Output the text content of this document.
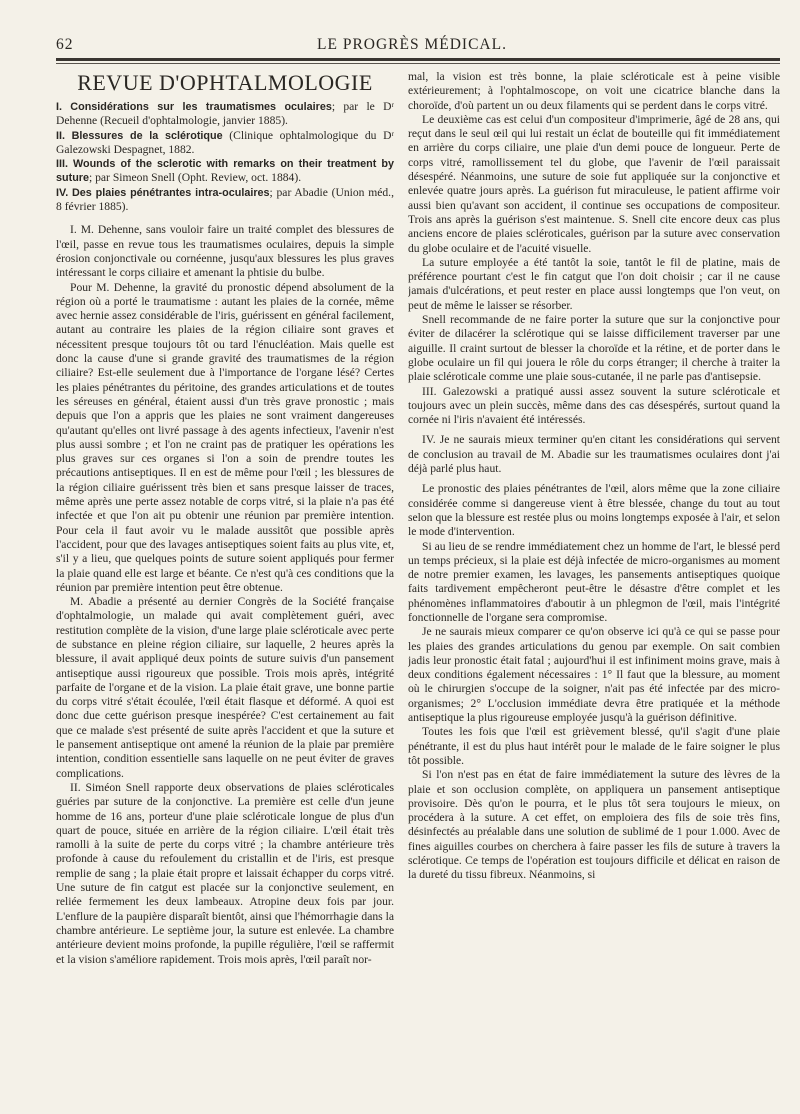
62	LE PROGRÈS MÉDICAL.
REVUE D'OPHTALMOLOGIE

I. Considérations sur les traumatismes oculaires; par le Dʳ Dehenne (Recueil d'ophtalmologie, janvier 1885).

II. Blessures de la sclérotique (Clinique ophtalmologique du Dʳ Galezowski Despagnet, 1882.

III. Wounds of the sclerotic with remarks on their treatment by suture; par Simeon Snell (Opht. Review, oct. 1884).

IV. Des plaies pénétrantes intra-oculaires; par Abadie (Union méd., 8 février 1885).

I. M. Dehenne, sans vouloir faire un traité complet des blessures de l'œil, passe en revue tous les traumatismes oculaires, depuis la simple érosion conjonctivale ou cornéenne, jusqu'aux blessures les plus graves intéressant le corps ciliaire et amenant la phtisie du bulbe.

Pour M. Dehenne, la gravité du pronostic dépend absolument de la région où a porté le traumatisme : autant les plaies de la cornée, même avec hernie assez considérable de l'iris, guérissent en général facilement, autant au contraire les plaies de la région ciliaire sont graves et nécessitent presque toujours tôt ou tard l'énucléation. Mais quelle est donc la cause d'une si grande gravité des traumatismes de la région ciliaire? Est-elle seulement due à l'importance de l'organe lésé? Certes les plaies pénétrantes du péritoine, des grandes articulations et de toutes les séreuses en général, étaient aussi d'un très grave pronostic ; mais depuis que l'on a appris que les plaies ne sont vraiment dangereuses qu'autant qu'elles ont livré passage à des agents infectieux, l'avenir n'est plus aussi sombre ; et l'on ne craint pas de pratiquer les opérations les plus graves sur ces organes si l'on a soin de prendre toutes les précautions antiseptiques. Il en est de même pour l'œil ; les blessures de la région ciliaire guérissent très bien et sans presque laisser de traces, même après une perte assez notable de corps vitré, si la plaie n'a pas été infectée et que l'on ait pu obtenir une réunion par première intention. Pour cela il faut avoir vu le malade aussitôt que possible après l'accident, pour que des lavages antiseptiques soient faits au plus vite, et, s'il y a lieu, que quelques points de suture soient appliqués pour fermer la plaie quand elle est large et béante. Ce n'est qu'à ces conditions que la réunion par première intention peut être obtenue.

M. Abadie a présenté au dernier Congrès de la Société française d'ophtalmologie, un malade qui avait complètement guéri, avec restitution complète de la vision, d'une large plaie scléroticale avec perte de substance en pleine région ciliaire, sur laquelle, 2 heures après la blessure, il avait appliqué deux points de suture suivis d'un pansement antiseptique aussi rigoureux que possible. Trois mois après, intégrité parfaite de l'organe et de la vision. La plaie était grave, une bonne partie du corps vitré s'était écoulée, l'œil était flasque et déformé. A quoi est donc due cette guérison presque inespérée? C'est certainement au fait que ce malade s'est présenté de suite après l'accident et que la suture et le pansement antiseptique ont amené la réunion de la plaie par première intention, condition essentielle sans laquelle on ne peut éviter de graves complications.

II. Siméon Snell rapporte deux observations de plaies scléroticales guéries par suture de la conjonctive. La première est celle d'un jeune homme de 16 ans, porteur d'une plaie scléroticale longue de plus d'un quart de pouce, située en arrière de la région ciliaire. L'œil était très ramolli à la suite de perte du corps vitré ; la chambre antérieure très profonde à cause du refoulement du cristallin et de l'iris, est presque remplie de sang ; la plaie était propre et laissait échapper du corps vitré. Une suture de fin catgut est placée sur la conjonctive seulement, en reliée fermement les deux lambeaux. Atropine deux fois par jour. L'enflure de la paupière disparaît bientôt, ainsi que l'hémorrhagie dans la chambre antérieure. Le septième jour, la suture est enlevée. La chambre antérieure devient moins profonde, la pupille régulière, l'œil se raffermit et la vision s'améliore rapidement. Trois mois après, l'œil paraît nor-

mal, la vision est très bonne, la plaie scléroticale est à peine visible extérieurement; à l'ophtalmoscope, on voit une cicatrice blanche dans la choroïde, d'où partent un ou deux filaments qui se perdent dans le corps vitré.

Le deuxième cas est celui d'un compositeur d'imprimerie, âgé de 28 ans, qui reçut dans le seul œil qui lui restait un éclat de bouteille qui fit immédiatement en arrière du corps ciliaire, une plaie d'un demi pouce de longueur. Perte de corps vitré, ramollissement tel du globe, que l'avenir de l'œil paraissait désespéré. Néanmoins, une suture de soie fut appliquée sur la conjonctive et enlevée quatre jours après. La guérison fut miraculeuse, le patient affirme voir aussi bien qu'avant son accident, il continue ses occupations de compositeur. Trois ans après la guérison s'est maintenue. S. Snell cite encore deux cas plus anciens encore de plaies scléroticales, guérison par la suture avec conservation du globe oculaire et de l'acuité visuelle.

La suture employée a été tantôt la soie, tantôt le fil de platine, mais de préférence pourtant c'est le fin catgut que l'on doit choisir ; car il ne cause jamais d'ulcérations, et peut rester en place aussi longtemps que l'on veut, on peut de même le laisser se résorber.

Snell recommande de ne faire porter la suture que sur la conjonctive pour éviter de dilacérer la sclérotique qui se laisse difficilement traverser par une aiguille. Il craint surtout de blesser la choroïde et la rétine, et de porter dans le globe oculaire un fil qui jouera le rôle du corps étranger; il cherche à traiter la plaie scléroticale comme une plaie sous-cutanée, il ne parle pas d'antisepsie.

III. Galezowski a pratiqué aussi assez souvent la suture scléroticale et toujours avec un plein succès, même dans des cas désespérés, surtout quand la cornée ni l'iris n'avaient été intéressés.

IV. Je ne saurais mieux terminer qu'en citant les considérations qui servent de conclusion au travail de M. Abadie sur les traumatismes oculaires dont j'ai déjà parlé plus haut.

Le pronostic des plaies pénétrantes de l'œil, alors même que la zone ciliaire considérée comme si dangereuse vient à être blessée, change du tout au tout selon que la blessure est restée plus ou moins longtemps exposée à l'air, et selon le mode d'intervention.

Si au lieu de se rendre immédiatement chez un homme de l'art, le blessé perd un temps précieux, si la plaie est déjà infectée de micro-organismes au moment de notre premier examen, les lavages, les pansements antiseptiques quoique faits tardivement empêcheront peut-être le désastre d'être complet et les phénomènes inflammatoires d'aboutir à un phlegmon de l'œil, mais l'intégrité fonctionnelle de l'organe sera compromise.

Je ne saurais mieux comparer ce qu'on observe ici qu'à ce qui se passe pour les plaies des grandes articulations du genou par exemple. On sait combien jadis leur pronostic était fatal ; aujourd'hui il est infiniment moins grave, mais à deux conditions également nécessaires : 1° Il faut que la blessure, au moment où le chirurgien s'occupe de la soigner, n'ait pas été infectée par des micro-organismes; 2° L'occlusion immédiate devra être pratiquée et la méthode antiseptique la plus rigoureuse employée jusqu'à la guérison définitive.

Toutes les fois que l'œil est grièvement blessé, qu'il s'agit d'une plaie pénétrante, il est du plus haut intérêt pour le malade de le faire soigner le plus tôt possible.

Si l'on n'est pas en état de faire immédiatement la suture des lèvres de la plaie et son occlusion complète, on appliquera un pansement antiseptique provisoire. Dès qu'on le pourra, et le plus tôt sera toujours le mieux, on procédera à la suture. A cet effet, on emploiera des fils de soie très fins, désinfectés au préalable dans une solution de sublimé de 1 pour 1.000. Avec de fines aiguilles courbes on cherchera à faire passer les fils de suture à travers la sclérotique. Ce temps de l'opération est toujours difficile et délicat en raison de la dureté du tissu fibreux. Néanmoins, si
